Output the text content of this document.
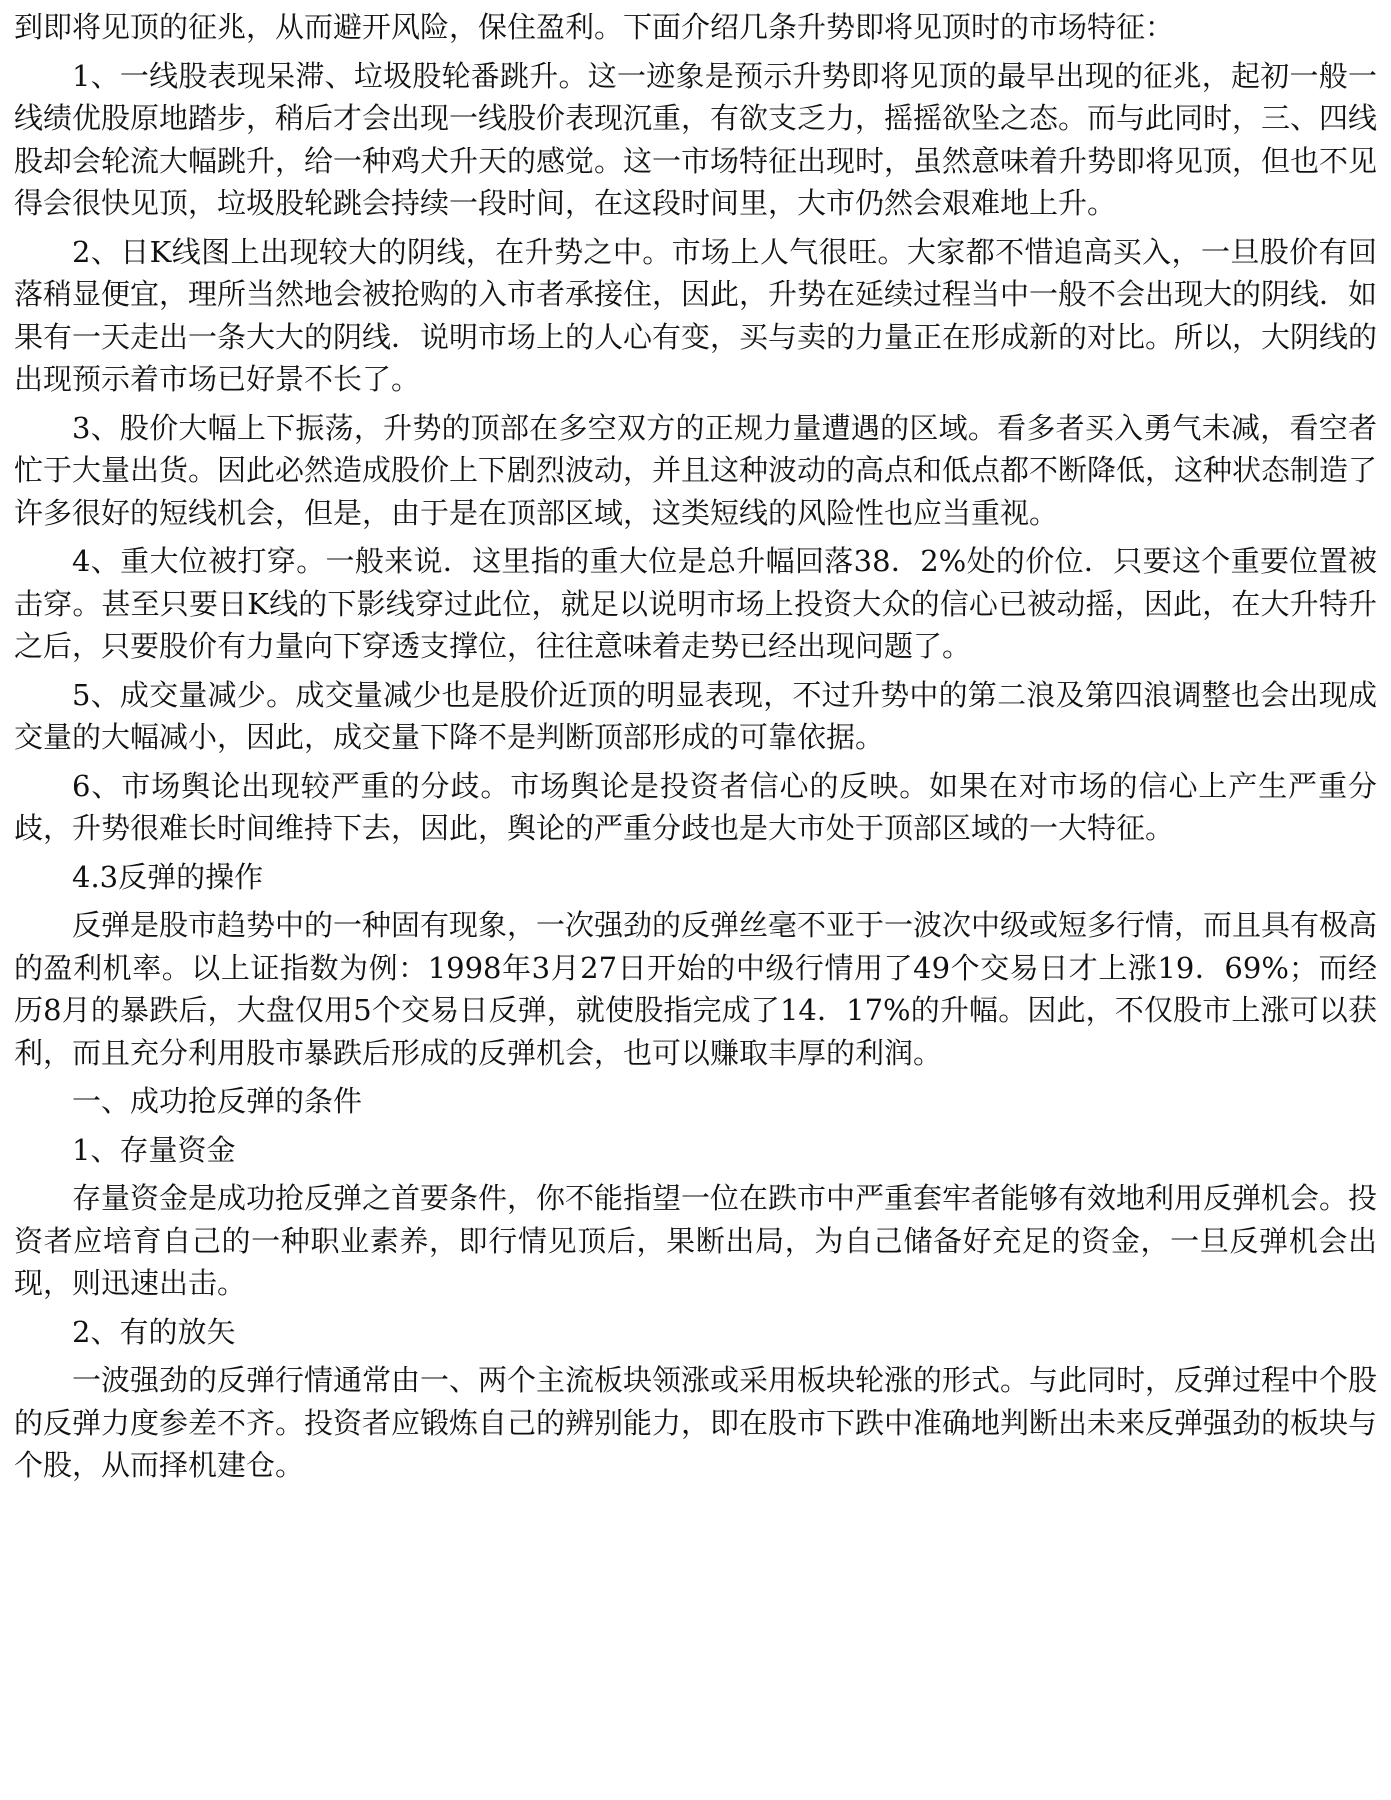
到即将见顶的征兆，从而避开风险，保住盈利。下面介绍几条升势即将见顶时的市场特征：

1、一线股表现呆滞、垃圾股轮番跳升。这一迹象是预示升势即将见顶的最早出现的征兆，起初一般一线绩优股原地踏步，稍后才会出现一线股价表现沉重，有欲支乏力，摇摇欲坠之态。而与此同时，三、四线股却会轮流大幅跳升，给一种鸡犬升天的感觉。这一市场特征出现时，虽然意味着升势即将见顶，但也不见得会很快见顶，垃圾股轮跳会持续一段时间，在这段时间里，大市仍然会艰难地上升。

2、日K线图上出现较大的阴线，在升势之中。市场上人气很旺。大家都不惜追高买入，一旦股价有回落稍显便宜，理所当然地会被抢购的入市者承接住，因此，升势在延续过程当中一般不会出现大的阴线．如果有一天走出一条大大的阴线．说明市场上的人心有变，买与卖的力量正在形成新的对比。所以，大阴线的出现预示着市场已好景不长了。

3、股价大幅上下振荡，升势的顶部在多空双方的正规力量遭遇的区域。看多者买入勇气未减，看空者忙于大量出货。因此必然造成股价上下剧烈波动，并且这种波动的高点和低点都不断降低，这种状态制造了许多很好的短线机会，但是，由于是在顶部区域，这类短线的风险性也应当重视。

4、重大位被打穿。一般来说．这里指的重大位是总升幅回落38．2%处的价位．只要这个重要位置被击穿。甚至只要日K线的下影线穿过此位，就足以说明市场上投资大众的信心已被动摇，因此，在大升特升之后，只要股价有力量向下穿透支撑位，往往意味着走势已经出现问题了。

5、成交量减少。成交量减少也是股价近顶的明显表现，不过升势中的第二浪及第四浪调整也会出现成交量的大幅减小，因此，成交量下降不是判断顶部形成的可靠依据。

6、市场舆论出现较严重的分歧。市场舆论是投资者信心的反映。如果在对市场的信心上产生严重分歧，升势很难长时间维持下去，因此，舆论的严重分歧也是大市处于顶部区域的一大特征。

4.3反弹的操作

反弹是股市趋势中的一种固有现象，一次强劲的反弹丝毫不亚于一波次中级或短多行情，而且具有极高的盈利机率。以上证指数为例：1998年3月27日开始的中级行情用了49个交易日才上涨19．69%；而经历8月的暴跌后，大盘仅用5个交易日反弹，就使股指完成了14．17%的升幅。因此，不仅股市上涨可以获利，而且充分利用股市暴跌后形成的反弹机会，也可以赚取丰厚的利润。

一、成功抢反弹的条件

1、存量资金

存量资金是成功抢反弹之首要条件，你不能指望一位在跌市中严重套牢者能够有效地利用反弹机会。投资者应培育自己的一种职业素养，即行情见顶后，果断出局，为自己储备好充足的资金，一旦反弹机会出现，则迅速出击。

2、有的放矢

一波强劲的反弹行情通常由一、两个主流板块领涨或采用板块轮涨的形式。与此同时，反弹过程中个股的反弹力度参差不齐。投资者应锻炼自己的辨别能力，即在股市下跌中准确地判断出未来反弹强劲的板块与个股，从而择机建仓。
